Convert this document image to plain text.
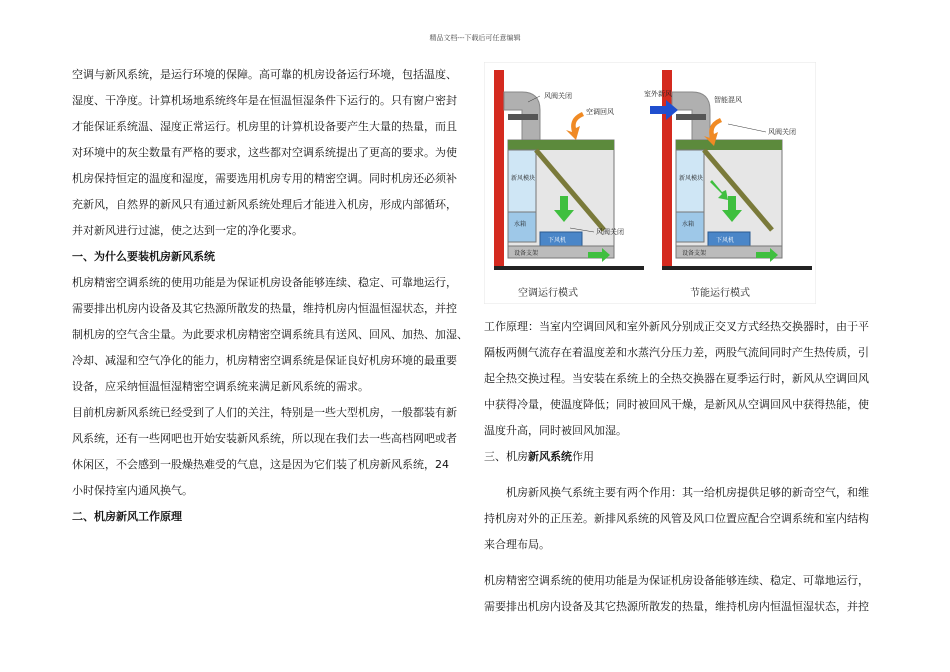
精品文档---下载后可任意编辑

空调与新风系统，是运行环境的保障。高可靠的机房设备运行环境，包括温度、

湿度、干净度。计算机场地系统终年是在恒温恒湿条件下运行的。只有窗户密封

才能保证系统温、湿度正常运行。机房里的计算机设备要产生大量的热量，而且

对环境中的灰尘数量有严格的要求，这些都对空调系统提出了更高的要求。为使

机房保持恒定的温度和湿度，需要选用机房专用的精密空调。同时机房还必须补

充新风，自然界的新风只有通过新风系统处理后才能进入机房，形成内部循环，

并对新风进行过滤，使之达到一定的净化要求。

一、为什么要装机房新风系统

机房精密空调系统的使用功能是为保证机房设备能够连续、稳定、可靠地运行，

需要排出机房内设备及其它热源所散发的热量，维持机房内恒温恒湿状态，并控

制机房的空气含尘量。为此要求机房精密空调系统具有送风、回风、加热、加湿、

冷却、减湿和空气净化的能力，机房精密空调系统是保证良好机房环境的最重要

设备，应采纳恒温恒湿精密空调系统来满足新风系统的需求。

目前机房新风系统已经受到了人们的关注，特别是一些大型机房，一般都装有新

风系统，还有一些网吧也开始安装新风系统，所以现在我们去一些高档网吧或者

休闲区，不会感到一股燥热难受的气息，这是因为它们装了机房新风系统，24

小时保持室内通风换气。

二、机房新风工作原理

风阀关闭
空调回风
新风模块
水箱
风阀关闭
下风机
设备支架
室外新风
智能混风
风阀关闭
新风模块
水箱
下风机
设备支架
空调运行模式	节能运行模式

工作原理：当室内空调回风和室外新风分别成正交叉方式经热交换器时，由于平

隔板两侧气流存在着温度差和水蒸汽分压力差，两股气流间同时产生热传质，引

起全热交换过程。当安装在系统上的全热交换器在夏季运行时，新风从空调回风

中获得冷量，使温度降低；同时被回风干燥，是新风从空调回风中获得热能，使

温度升高，同时被回风加湿。

三、机房新风系统作用

　　机房新风换气系统主要有两个作用：其一给机房提供足够的新奇空气，和维

持机房对外的正压差。新排风系统的风管及风口位置应配合空调系统和室内结构

来合理布局。

机房精密空调系统的使用功能是为保证机房设备能够连续、稳定、可靠地运行，

需要排出机房内设备及其它热源所散发的热量，维持机房内恒温恒湿状态，并控
